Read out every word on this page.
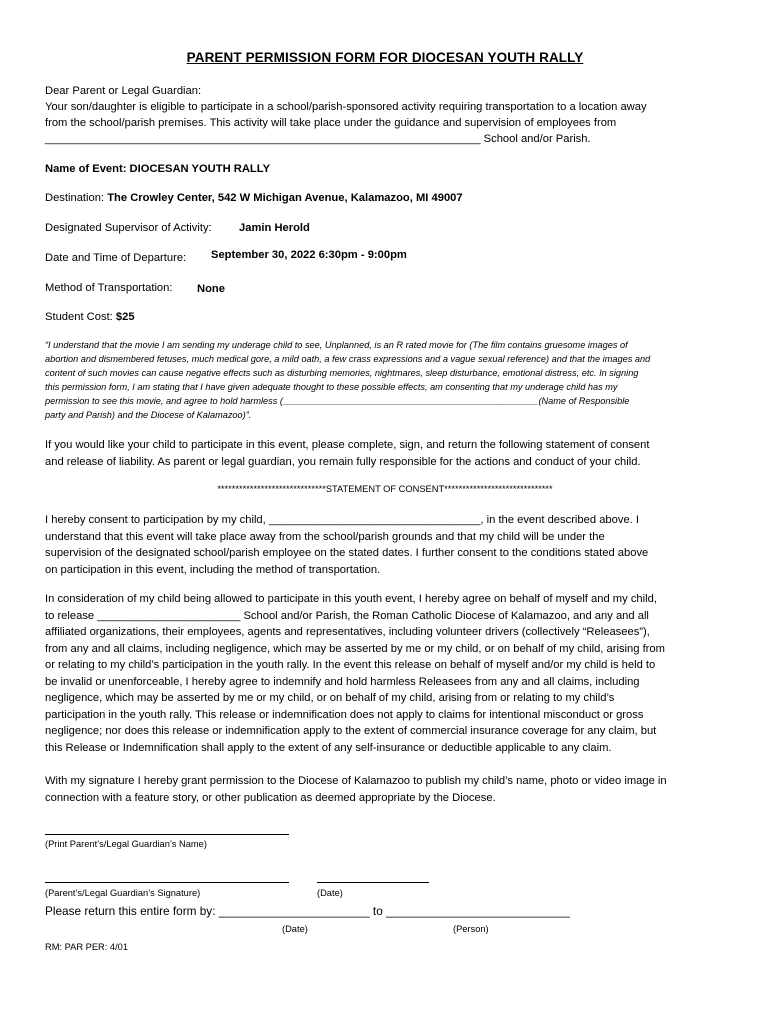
PARENT PERMISSION FORM FOR DIOCESAN YOUTH RALLY
Dear Parent or Legal Guardian:
Your son/daughter is eligible to participate in a school/parish-sponsored activity requiring transportation to a location away
from the school/parish premises. This activity will take place under the guidance and supervision of employees from
______________________________________________________________________ School and/or Parish.
Name of Event: DIOCESAN YOUTH RALLY
Destination: The Crowley Center, 542 W Michigan Avenue, Kalamazoo, MI 49007
Designated Supervisor of Activity: Jamin Herold
Date and Time of Departure: September 30, 2022 6:30pm - 9:00pm
Method of Transportation: None
Student Cost: $25
“I understand that the movie I am sending my underage child to see, Unplanned, is an R rated movie for (The film contains gruesome images of
abortion and dismembered fetuses, much medical gore, a mild oath, a few crass expressions and a vague sexual reference) and that the images and
content of such movies can cause negative effects such as disturbing memories, nightmares, sleep disturbance, emotional distress, etc. In signing
this permission form, I am stating that I have given adequate thought to these possible effects, am consenting that my underage child has my
permission to see this movie, and agree to hold harmless (__________________________________________________(Name of Responsible
party and Parish) and the Diocese of Kalamazoo)”.
If you would like your child to participate in this event, please complete, sign, and return the following statement of consent
and release of liability. As parent or legal guardian, you remain fully responsible for the actions and conduct of your child.
******************************STATEMENT OF CONSENT******************************
I hereby consent to participation by my child, __________________________________, in the event described above. I
understand that this event will take place away from the school/parish grounds and that my child will be under the
supervision of the designated school/parish employee on the stated dates. I further consent to the conditions stated above
on participation in this event, including the method of transportation.
In consideration of my child being allowed to participate in this youth event, I hereby agree on behalf of myself and my child,
to release _______________________ School and/or Parish, the Roman Catholic Diocese of Kalamazoo, and any and all
affiliated organizations, their employees, agents and representatives, including volunteer drivers (collectively “Releasees”),
from any and all claims, including negligence, which may be asserted by me or my child, or on behalf of my child, arising from
or relating to my child’s participation in the youth rally. In the event this release on behalf of myself and/or my child is held to
be invalid or unenforceable, I hereby agree to indemnify and hold harmless Releasees from any and all claims, including
negligence, which may be asserted by me or my child, or on behalf of my child, arising from or relating to my child’s
participation in the youth rally. This release or indemnification does not apply to claims for intentional misconduct or gross
negligence; nor does this release or indemnification apply to the extent of commercial insurance coverage for any claim, but
this Release or Indemnification shall apply to the extent of any self-insurance or deductible applicable to any claim.
With my signature I hereby grant permission to the Diocese of Kalamazoo to publish my child’s name, photo or video image in
connection with a feature story, or other publication as deemed appropriate by the Diocese.
(Print Parent’s/Legal Guardian’s Name)
(Parent’s/Legal Guardian’s Signature)	(Date)
Please return this entire form by: _______________________ to ____________________________
(Date)	(Person)
RM: PAR PER: 4/01
